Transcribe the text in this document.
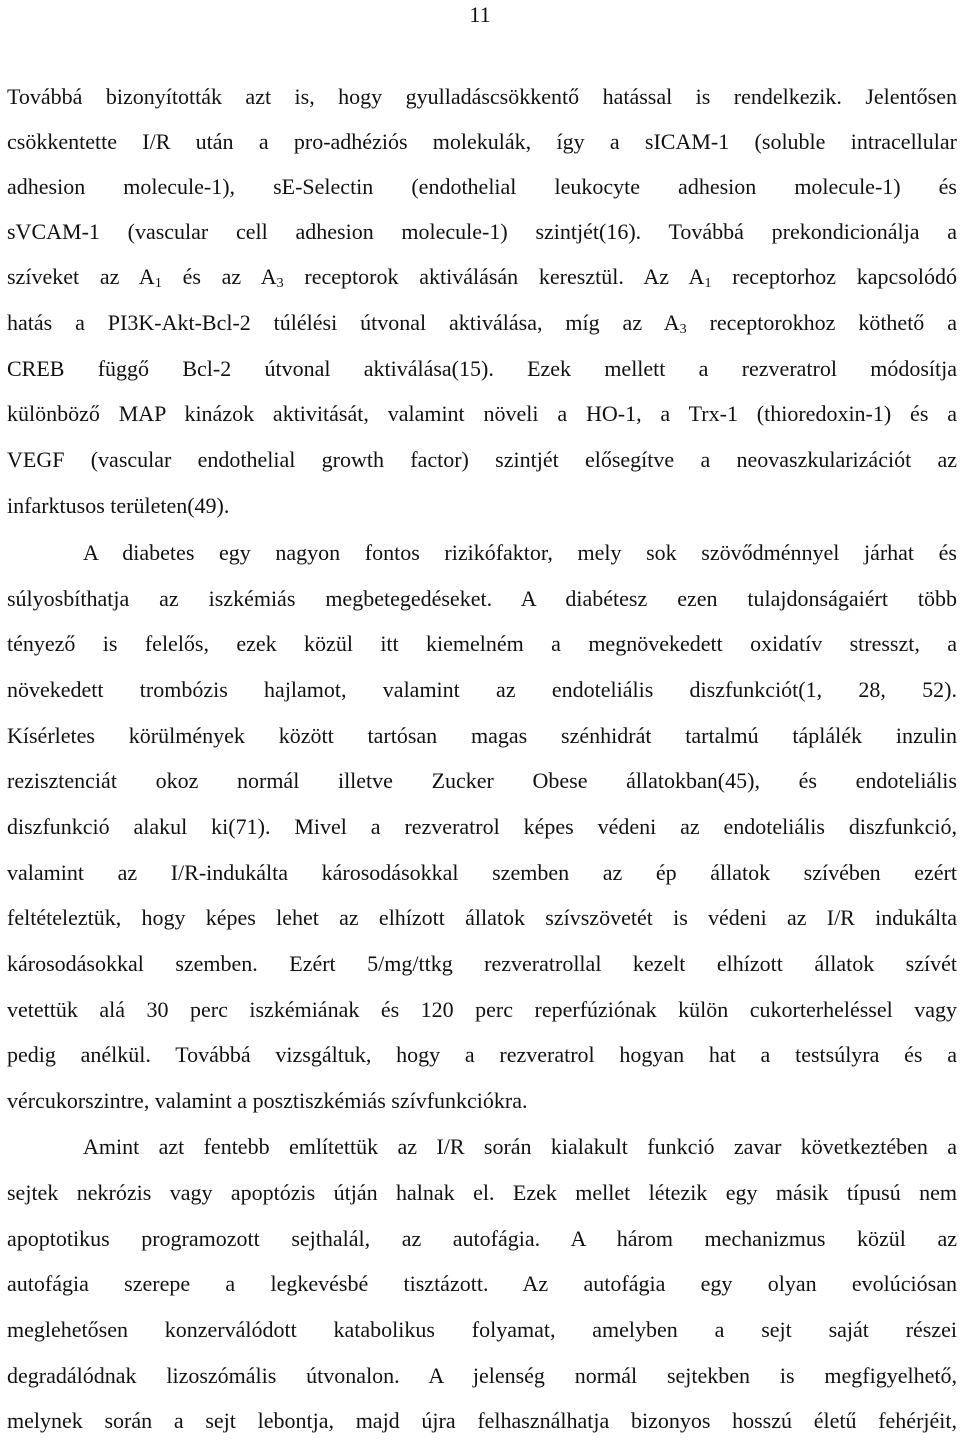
11
Továbbá bizonyították azt is, hogy gyulladáscsökkentő hatással is rendelkezik. Jelentősen
csökkentette I/R után a pro-adhéziós molekulák, így a sICAM-1 (soluble intracellular
adhesion molecule-1), sE-Selectin (endothelial leukocyte adhesion molecule-1) és
sVCAM-1 (vascular cell adhesion molecule-1) szintjét(16). Továbbá prekondicionálja a
szíveket az $A_1$ és az $A_3$ receptorok aktiválásán keresztül. Az $A_1$ receptorhoz kapcsolódó
hatás a PI3K-Akt-Bcl-2 túlélési útvonal aktiválása, míg az $A_3$ receptorokhoz köthető a
CREB függő Bcl-2 útvonal aktiválása(15). Ezek mellett a rezveratrol módosítja
különböző MAP kinázok aktivitását, valamint növeli a HO-1, a Trx-1 (thioredoxin-1) és a
VEGF (vascular endothelial growth factor) szintjét elősegítve a neovaszkularizációt az
infarktusos területen(49).
A diabetes egy nagyon fontos rizikófaktor, mely sok szövődménnyel járhat és
súlyosbíthatja az iszkémiás megbetegedéseket. A diabétesz ezen tulajdonságaiért több
tényező is felelős, ezek közül itt kiemelném a megnövekedett oxidatív stresszt, a
növekedett trombózis hajlamot, valamint az endoteliális diszfunkciót(1, 28, 52).
Kísérletes körülmények között tartósan magas szénhidrát tartalmú táplálék inzulin
rezisztenciát okoz normál illetve Zucker Obese állatokban(45), és endoteliális
diszfunkció alakul ki(71). Mivel a rezveratrol képes védeni az endoteliális diszfunkció,
valamint az I/R-indukálta károsodásokkal szemben az ép állatok szívében ezért
feltételeztük, hogy képes lehet az elhízott állatok szívszövetét is védeni az I/R indukálta
károsodásokkal szemben. Ezért 5/mg/ttkg rezveratrollal kezelt elhízott állatok szívét
vetettük alá 30 perc iszkémiának és 120 perc reperfúziónak külön cukorterhelés​sel vagy
pedig anélkül. Továbbá vizsgáltuk, hogy a rezveratrol hogyan hat a testsúlyra és a
vércukorszintre, valamint a posztiszkémiás szívfunkciókra.
Amint azt fentebb említettük az I/R során kialakult funkció zavar következtében a
sejtek nekrózis vagy apoptózis útján halnak el. Ezek mellet létezik egy másik típusú nem
apoptotikus programozott sejthalál, az autofágia. A három mechanizmus közül az
autofágia szerepe a legkevésbé tisztázott. Az autofágia egy olyan evolúciósan
meglehetősen konzerválódott katabolikus folyamat, amelyben a sejt saját részei
degradálódnak lizoszómális útvonalon. A jelenség normál sejtekben is megfigyelhető,
melynek során a sejt lebontja, majd újra felhasználhatja bizonyos hosszú életű fehérjéit,
